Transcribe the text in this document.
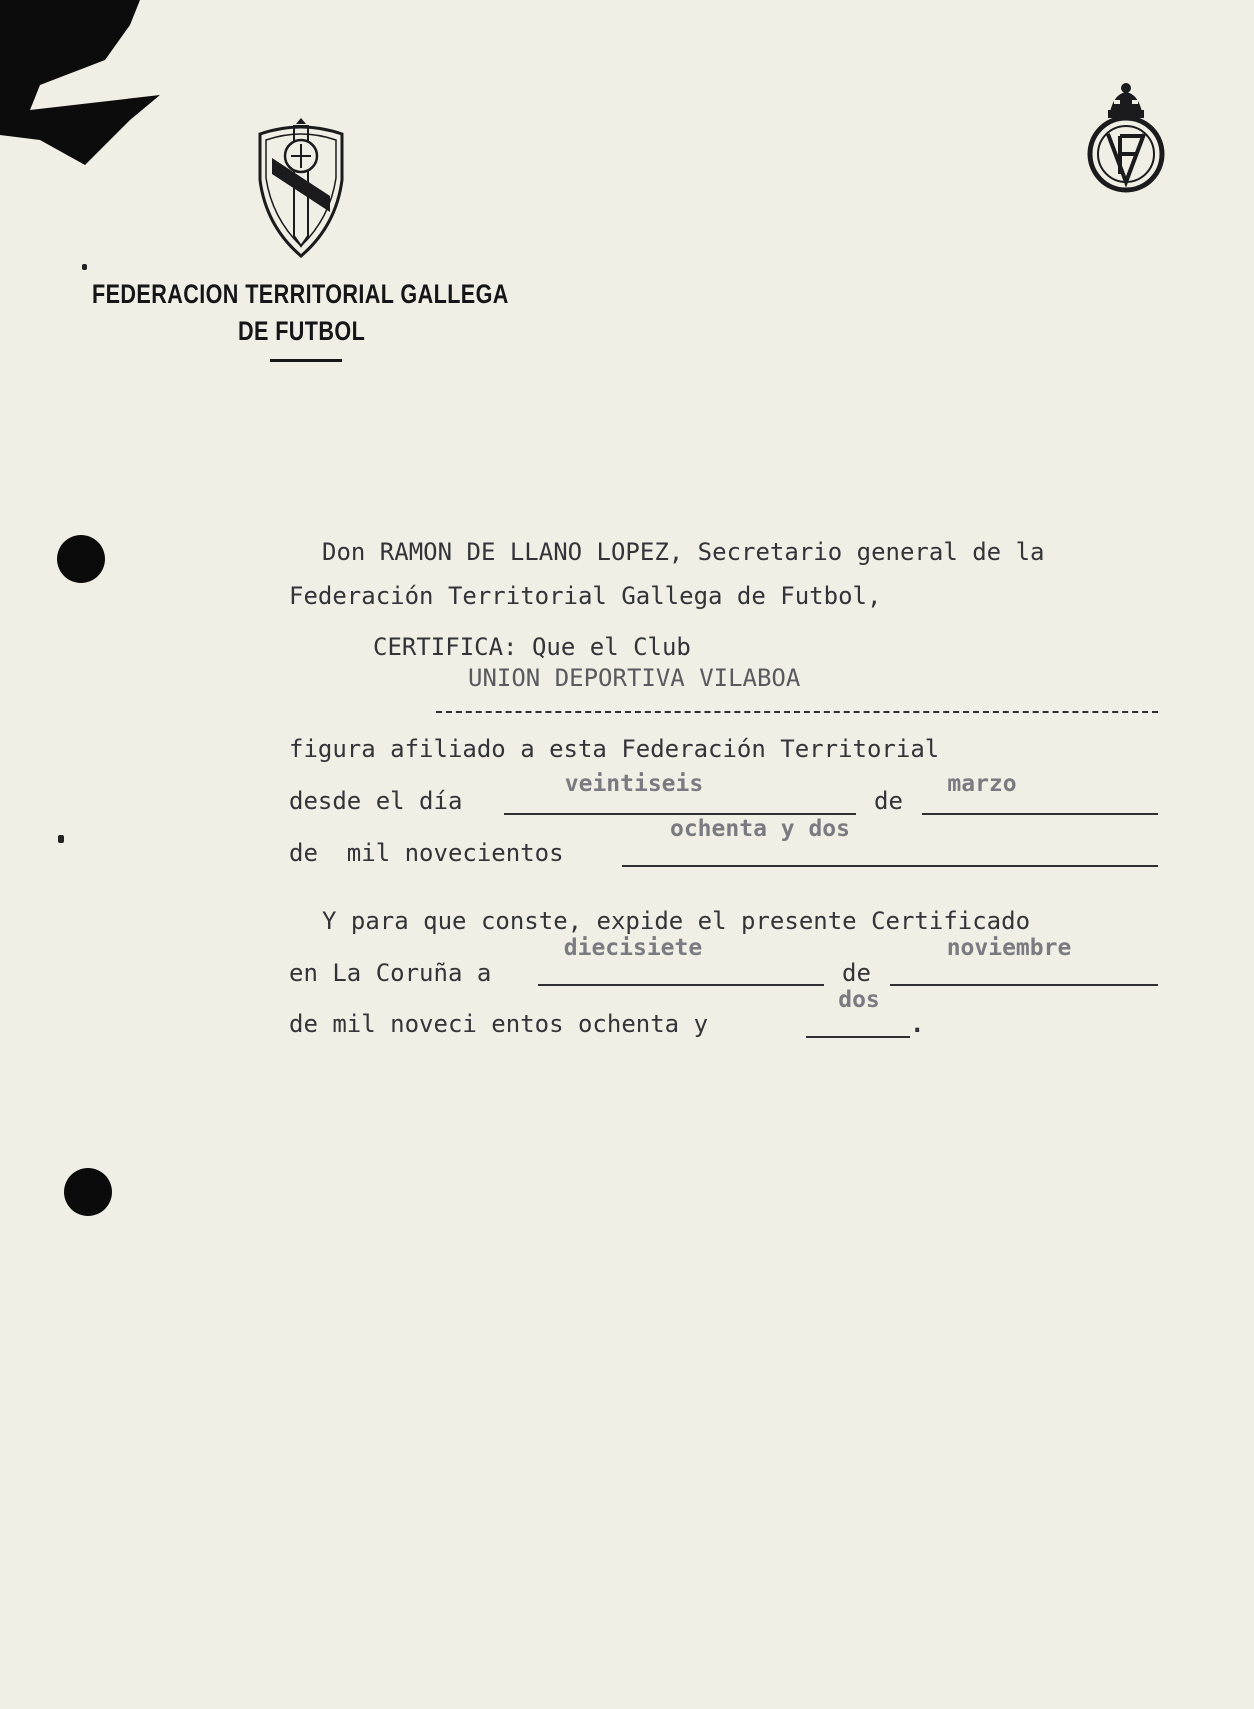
FEDERACION TERRITORIAL GALLEGA
DE FUTBOL
Don RAMON DE LLANO LOPEZ, Secretario general de la
Federación Territorial Gallega de Futbol,
CERTIFICA: Que el Club
UNION DEPORTIVA VILABOA
figura afiliado a esta Federación Territorial
desde el día
veintiseis
de
marzo
de  mil novecientos
ochenta y dos
Y para que conste, expide el presente Certificado
en La Coruña a
diecisiete
de
noviembre
de mil noveci entos ochenta y
dos
.
